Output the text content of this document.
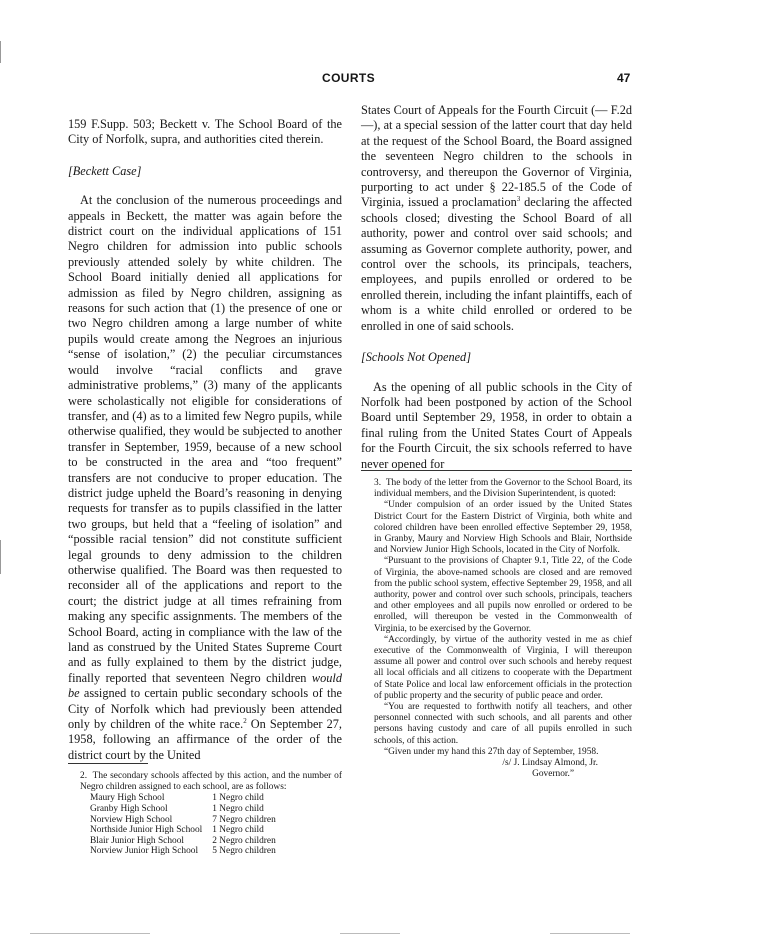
COURTS	47

159 F.Supp. 503; Beckett v. The School Board of the City of Norfolk, supra, and authorities cited therein.

[Beckett Case]

At the conclusion of the numerous proceedings and appeals in Beckett, the matter was again before the district court on the individual applications of 151 Negro children for admission into public schools previously attended solely by white children. The School Board initially denied all applications for admission as filed by Negro children, assigning as reasons for such action that (1) the presence of one or two Negro children among a large number of white pupils would create among the Negroes an injurious “sense of isolation,” (2) the peculiar circumstances would involve “racial conflicts and grave administrative problems,” (3) many of the applicants were scholastically not eligible for considerations of transfer, and (4) as to a limited few Negro pupils, while otherwise qualified, they would be subjected to another transfer in September, 1959, because of a new school to be constructed in the area and “too frequent” transfers are not conducive to proper education. The district judge upheld the Board’s reasoning in denying requests for transfer as to pupils classified in the latter two groups, but held that a “feeling of isolation” and “possible racial tension” did not constitute sufficient legal grounds to deny admission to the children otherwise qualified. The Board was then requested to reconsider all of the applications and report to the court; the district judge at all times refraining from making any specific assignments. The members of the School Board, acting in compliance with the law of the land as construed by the United States Supreme Court and as fully explained to them by the district judge, finally reported that seventeen Negro children would be assigned to certain public secondary schools of the City of Norfolk which had previously been attended only by children of the white race.$^2$ On September 27, 1958, following an affirmance of the order of the district court by the United

States Court of Appeals for the Fourth Circuit (— F.2d —), at a special session of the latter court that day held at the request of the School Board, the Board assigned the seventeen Negro children to the schools in controversy, and thereupon the Governor of Virginia, purporting to act under § 22-185.5 of the Code of Virginia, issued a proclamation$^3$ declaring the affected schools closed; divesting the School Board of all authority, power and control over said schools; and assuming as Governor complete authority, power, and control over the schools, its principals, teachers, employees, and pupils enrolled or ordered to be enrolled therein, including the infant plaintiffs, each of whom is a white child enrolled or ordered to be enrolled in one of said schools.

[Schools Not Opened]

As the opening of all public schools in the City of Norfolk had been postponed by action of the School Board until September 29, 1958, in order to obtain a final ruling from the United States Court of Appeals for the Fourth Circuit, the six schools referred to have never opened for

2. The secondary schools affected by this action, and the number of Negro children assigned to each school, are as follows:

Maury High School	1 Negro child
Granby High School	1 Negro child
Norview High School	7 Negro children
Northside Junior High School	1 Negro child
Blair Junior High School	2 Negro children
Norview Junior High School	5 Negro children

3. The body of the letter from the Governor to the School Board, its individual members, and the Division Superintendent, is quoted:

“Under compulsion of an order issued by the United States District Court for the Eastern District of Virginia, both white and colored children have been enrolled effective September 29, 1958, in Granby, Maury and Norview High Schools and Blair, Northside and Norview Junior High Schools, located in the City of Norfolk.

“Pursuant to the provisions of Chapter 9.1, Title 22, of the Code of Virginia, the above-named schools are closed and are removed from the public school system, effective September 29, 1958, and all authority, power and control over such schools, principals, teachers and other employees and all pupils now enrolled or ordered to be enrolled, will thereupon be vested in the Commonwealth of Virginia, to be exercised by the Governor.

“Accordingly, by virtue of the authority vested in me as chief executive of the Commonwealth of Virginia, I will thereupon assume all power and control over such schools and hereby request all local officials and all citizens to cooperate with the Department of State Police and local law enforcement officials in the protection of public property and the security of public peace and order.

“You are requested to forthwith notify all teachers, and other personnel connected with such schools, and all parents and other persons having custody and care of all pupils enrolled in such schools, of this action.

“Given under my hand this 27th day of September, 1958.

/s/ J. Lindsay Almond, Jr.

Governor.”
